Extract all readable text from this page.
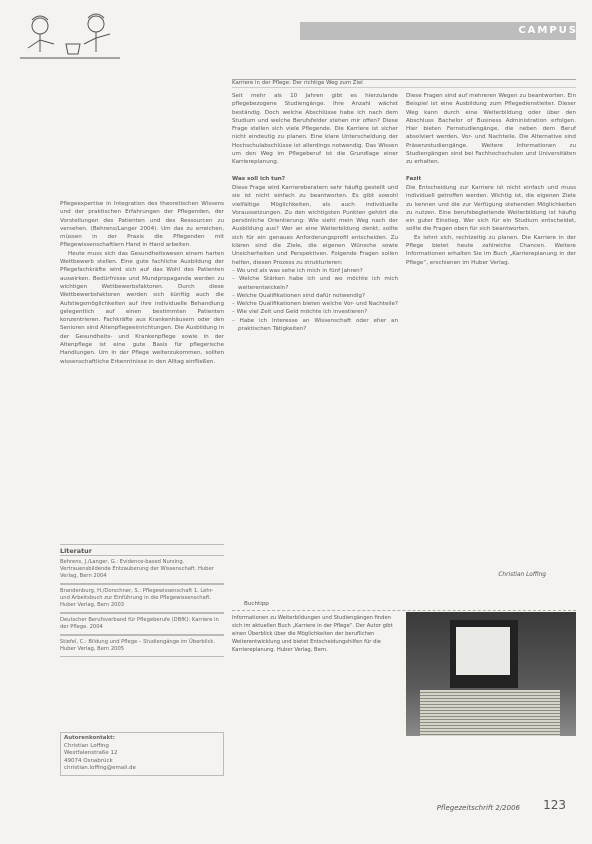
CAMPUS
Karriere in der Pflege: Der richtige Weg zum Ziel

Pflegeexpertise in Integration des theoretischen Wissens und der praktischen Erfahrungen der Pflegenden, der Vorstellungen des Patienten und des Ressourcen zu versehen. (Behrens/Langer 2004). Um das zu erreichen, müssen in der Praxis die Pflegenden mit Pflegewissenschaftlern Hand in Hand arbeiten.

Heute muss sich das Gesundheitswesen einem harten Wettbewerb stellen. Eine gute fachliche Ausbildung der Pflegefachkräfte wird sich auf das Wohl des Patienten auswirken. Bedürfnisse und Mundpropaganda werden zu wichtigen Wettbewerbsfaktoren. Durch diese Wettbewerbsfaktoren werden sich künftig auch die Aufstiegsmöglichkeiten auf ihre individuelle Behandlung gelegentlich auf einen bestimmten Patienten konzentrieren. Fachkräfte aus Krankenhäusern oder den Senioren sind Altenpflegeeinrichtungen. Die Ausbildung in der Gesundheits- und Krankenpflege sowie in der Altenpflege ist eine gute Basis für pflegerische Handlungen. Um in der Pflege weiterzukommen, sollten wissenschaftliche Erkenntnisse in den Alltag einfließen.

Literatur
Behrens, J./Langer, G.: Evidence-based Nursing. Vertrauensbildende Entzauberung der Wissenschaft. Huber Verlag, Bern 2004
Brandenburg, H./Dorschner, S.: Pflegewissenschaft 1. Lehr- und Arbeitsbuch zur Einführung in die Pflegewissenschaft. Huber Verlag, Bern 2003
Deutscher Berufsverband für Pflegeberufe (DBfK): Karriere in der Pflege. 2004
Stiefel, C.: Bildung und Pflege – Studiengänge im Überblick. Huber Verlag, Bern 2005
Autorenkontakt:
Christian Loffing
Westfalenstraße 12
49074 Osnabrück
christian.loffing@email.de

Seit mehr als 10 Jahren gibt es hierzulande pflegebezogene Studiengänge. Ihre Anzahl wächst beständig. Doch welche Abschlüsse habe ich nach dem Studium und welche Berufsfelder stehen mir offen? Diese Frage stellen sich viele Pflegende. Die Karriere ist sicher nicht eindeutig zu planen. Eine klare Unterscheidung der Hochschulabschlüsse ist allerdings notwendig. Das Wissen um den Weg im Pflegeberuf ist die Grundlage einer Karriereplanung.

Was soll ich tun?

Diese Frage wird Karriereberatern sehr häufig gestellt und sie ist nicht einfach zu beantworten. Es gibt sowohl vielfältige Möglichkeiten, als auch individuelle Voraussetzungen. Zu den wichtigsten Punkten gehört die persönliche Orientierung: Wie sieht mein Weg nach der Ausbildung aus? Wer an eine Weiterbildung denkt, sollte sich für ein genaues Anforderungsprofil entscheiden. Zu klären sind die Ziele, die eigenen Wünsche sowie Unsicherheiten und Perspektiven. Folgende Fragen sollen helfen, diesen Prozess zu strukturieren:

– Wo und als was sehe ich mich in fünf Jahren?
– Welche Stärken habe ich und wo möchte ich mich weiterentwickeln?
– Welche Qualifikationen sind dafür notwendig?
– Welche Qualifikationen bieten welche Vor- und Nachteile?
– Wie viel Zeit und Geld möchte ich investieren?
– Habe ich Interesse an Wissenschaft oder eher an praktischen Tätigkeiten?

Diese Fragen sind auf mehreren Wegen zu beantworten. Ein Beispiel ist eine Ausbildung zum Pflegedienstleiter. Dieser Weg kann durch eine Weiterbildung oder über den Abschluss Bachelor of Business Administration erfolgen. Hier bieten Fernstudiengänge, die neben dem Beruf absolviert werden, Vor- und Nachteile. Die Alternative sind Präsenzstudiengänge. Weitere Informationen zu Studiengängen sind bei Fachhochschulen und Universitäten zu erhalten.

Fazit

Die Entscheidung zur Karriere ist nicht einfach und muss individuell getroffen werden. Wichtig ist, die eigenen Ziele zu kennen und die zur Verfügung stehenden Möglichkeiten zu nutzen. Eine berufsbegleitende Weiterbildung ist häufig ein guter Einstieg. Wer sich für ein Studium entscheidet, sollte die Fragen oben für sich beantworten.

Es lohnt sich, rechtzeitig zu planen. Die Karriere in der Pflege bietet heute zahlreiche Chancen. Weitere Informationen erhalten Sie im Buch „Karriereplanung in der Pflege“, erschienen im Huber Verlag.

Christian Loffing
Buchtipp
Informationen zu Weiterbildungen und Studiengängen finden sich im aktuellen Buch „Karriere in der Pflege“. Der Autor gibt einen Überblick über die Möglichkeiten der beruflichen Weiterentwicklung und bietet Entscheidungshilfen für die Karriereplanung. Huber Verlag, Bern.
Pflegezeitschrift 2/2006 123
